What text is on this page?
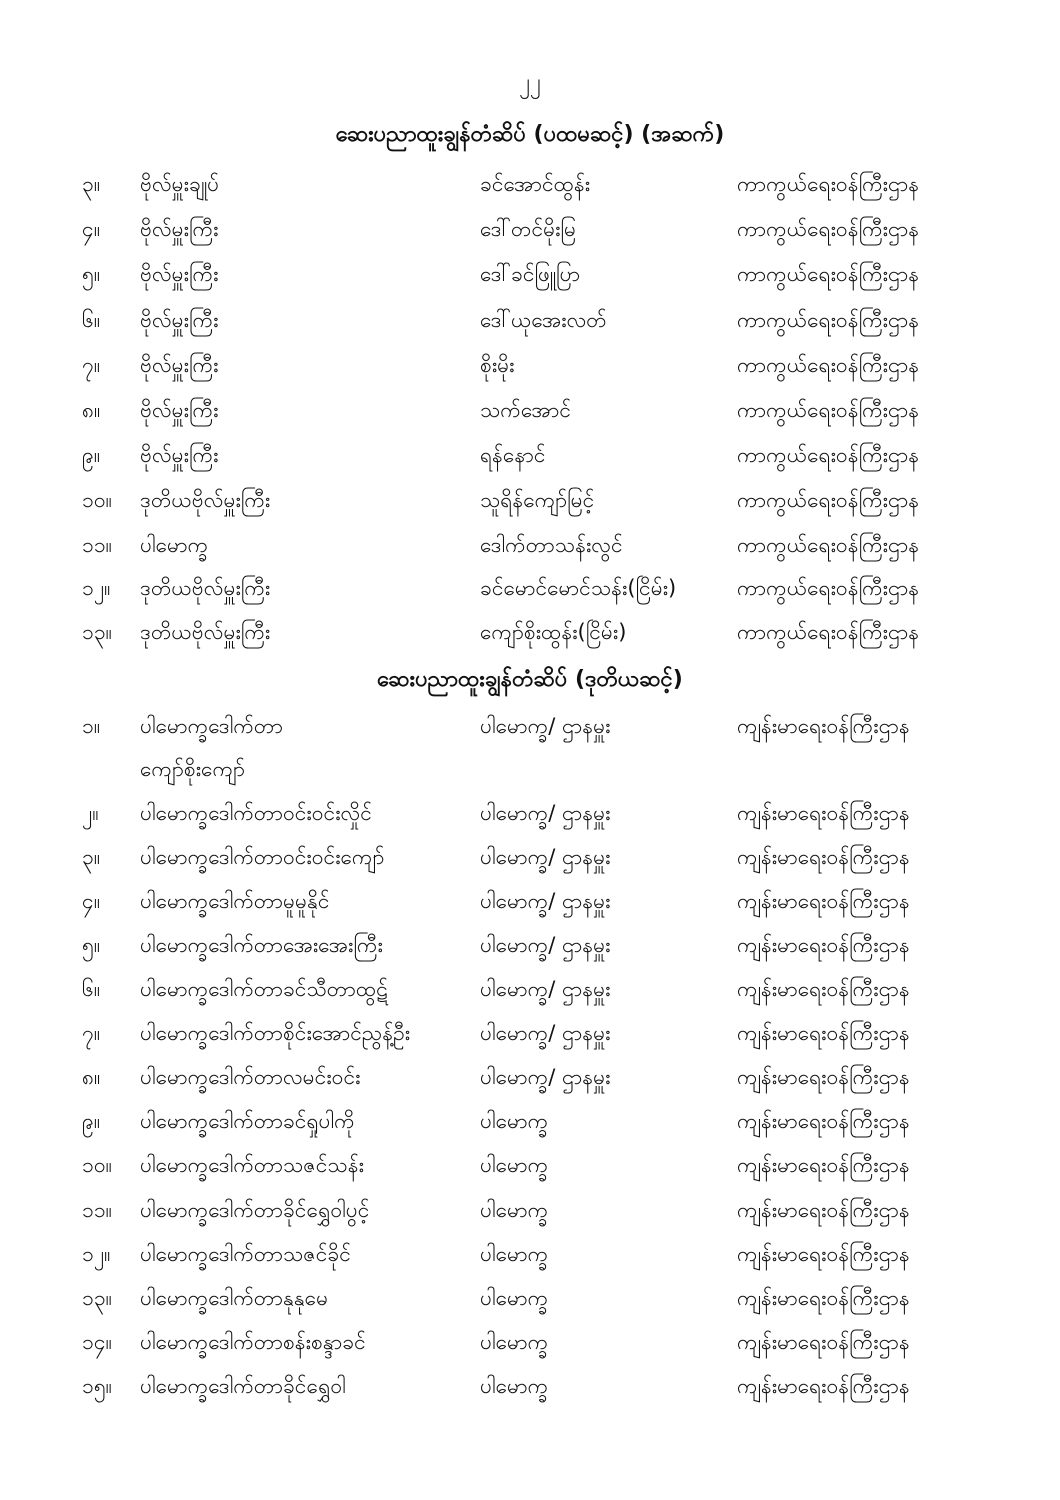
၂၂
ဆေးပညာထူးချွန်တံဆိပ် (ပထမဆင့်) (အဆက်)
၃။ ဗိုလ်မှူးချုပ်	ခင်အောင်ထွန်း	ကာကွယ်ရေးဝန်ကြီးဌာန
၄။ ဗိုလ်မှူးကြီး	ဒေါ်တင်မိုးမြ	ကာကွယ်ရေးဝန်ကြီးဌာန
၅။ ဗိုလ်မှူးကြီး	ဒေါ်ခင်ဖြူပြာ	ကာကွယ်ရေးဝန်ကြီးဌာန
၆။ ဗိုလ်မှူးကြီး	ဒေါ်ယုအေးလတ်	ကာကွယ်ရေးဝန်ကြီးဌာန
၇။ ဗိုလ်မှူးကြီး	စိုးမိုး	ကာကွယ်ရေးဝန်ကြီးဌာန
၈။ ဗိုလ်မှူးကြီး	သက်အောင်	ကာကွယ်ရေးဝန်ကြီးဌာန
၉။ ဗိုလ်မှူးကြီး	ရန်နောင်	ကာကွယ်ရေးဝန်ကြီးဌာန
၁၀။ ဒုတိယဗိုလ်မှူးကြီး	သူရိန်ကျော်မြင့်	ကာကွယ်ရေးဝန်ကြီးဌာန
၁၁။ ပါမောက္ခ	ဒေါက်တာသန်းလွင်	ကာကွယ်ရေးဝန်ကြီးဌာန
၁၂။ ဒုတိယဗိုလ်မှူးကြီး	ခင်မောင်မောင်သန်း(ငြိမ်း)	ကာကွယ်ရေးဝန်ကြီးဌာန
၁၃။ ဒုတိယဗိုလ်မှူးကြီး	ကျော်စိုးထွန်း(ငြိမ်း)	ကာကွယ်ရေးဝန်ကြီးဌာန
ဆေးပညာထူးချွန်တံဆိပ် (ဒုတိယဆင့်)
၁။ ပါမောက္ခဒေါက်တာ	ပါမောက္ခ/ ဌာနမှူး	ကျန်းမာရေးဝန်ကြီးဌာန
ကျော်စိုးကျော်
၂။ ပါမောက္ခဒေါက်တာဝင်းဝင်းလှိုင်	ပါမောက္ခ/ ဌာနမှူး	ကျန်းမာရေးဝန်ကြီးဌာန
၃။ ပါမောက္ခဒေါက်တာဝင်းဝင်းကျော်	ပါမောက္ခ/ ဌာနမှူး	ကျန်းမာရေးဝန်ကြီးဌာန
၄။ ပါမောက္ခဒေါက်တာမူမူနိုင်	ပါမောက္ခ/ ဌာနမှူး	ကျန်းမာရေးဝန်ကြီးဌာန
၅။ ပါမောက္ခဒေါက်တာအေးအေးကြီး	ပါမောက္ခ/ ဌာနမှူး	ကျန်းမာရေးဝန်ကြီးဌာန
၆။ ပါမောက္ခဒေါက်တာခင်သီတာထွဋ်	ပါမောက္ခ/ ဌာနမှူး	ကျန်းမာရေးဝန်ကြီးဌာန
၇။ ပါမောက္ခဒေါက်တာစိုင်းအောင်ညွန့်ဦး	ပါမောက္ခ/ ဌာနမှူး	ကျန်းမာရေးဝန်ကြီးဌာန
၈။ ပါမောက္ခဒေါက်တာလမင်းဝင်း	ပါမောက္ခ/ ဌာနမှူး	ကျန်းမာရေးဝန်ကြီးဌာန
၉။ ပါမောက္ခဒေါက်တာခင်ရှုပါကို	ပါမောက္ခ	ကျန်းမာရေးဝန်ကြီးဌာန
၁၀။ ပါမောက္ခဒေါက်တာသဇင်သန်း	ပါမောက္ခ	ကျန်းမာရေးဝန်ကြီးဌာန
၁၁။ ပါမောက္ခဒေါက်တာခိုင်ရွှေဝါပွင့်	ပါမောက္ခ	ကျန်းမာရေးဝန်ကြီးဌာန
၁၂။ ပါမောက္ခဒေါက်တာသဇင်ခိုင်	ပါမောက္ခ	ကျန်းမာရေးဝန်ကြီးဌာန
၁၃။ ပါမောက္ခဒေါက်တာနုနုမေ	ပါမောက္ခ	ကျန်းမာရေးဝန်ကြီးဌာန
၁၄။ ပါမောက္ခဒေါက်တာစန်းစန္ဒာခင်	ပါမောက္ခ	ကျန်းမာရေးဝန်ကြီးဌာန
၁၅။ ပါမောက္ခဒေါက်တာခိုင်ရွှေဝါ	ပါမောက္ခ	ကျန်းမာရေးဝန်ကြီးဌာန
